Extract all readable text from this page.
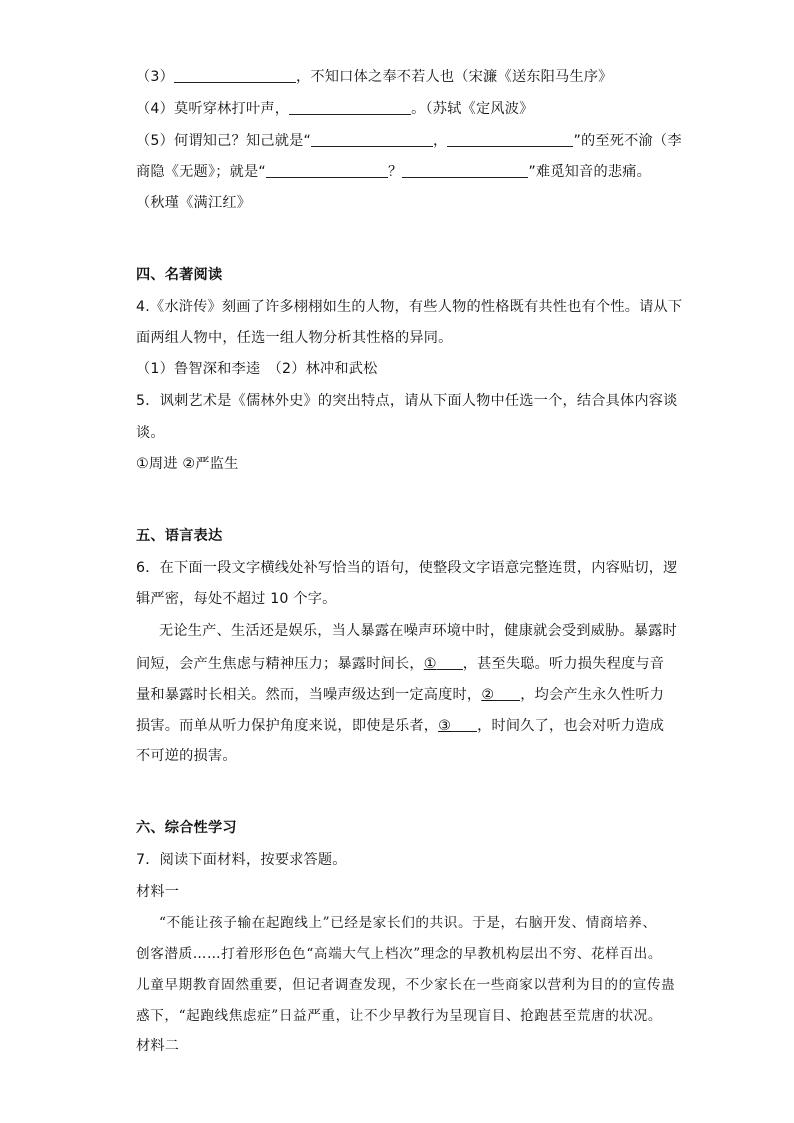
（3）	，不知口体之奉不若人也（宋濂《送东阳马生序》
（4）莫听穿林打叶声，	。（苏轼《定风波》
（5）何谓知己？知己就是“	，	”的至死不渝（李
商隐《无题》；就是“	？	”难觅知音的悲痛。
（秋瑾《满江红》
四、名著阅读
4.《水浒传》刻画了许多栩栩如生的人物，有些人物的性格既有共性也有个性。请从下
面两组人物中，任选一组人物分析其性格的异同。
（1）鲁智深和李逵　（2）林冲和武松
5．讽刺艺术是《儒林外史》的突出特点，请从下面人物中任选一个，结合具体内容谈
谈。
①周进 ②严监生
五、语言表达
6．在下面一段文字横线处补写恰当的语句，使整段文字语意完整连贯，内容贴切，逻
辑严密，每处不超过 10 个字。
无论生产、生活还是娱乐，当人暴露在噪声环境中时，健康就会受到威胁。暴露时
间短，会产生焦虑与精神压力；暴露时间长，① ，甚至失聪。听力损失程度与音
量和暴露时长相关。然而，当噪声级达到一定高度时，② ，均会产生永久性听力
损害。而单从听力保护角度来说，即使是乐者，③ ，时间久了，也会对听力造成
不可逆的损害。
六、综合性学习
7．阅读下面材料，按要求答题。
材料一
“不能让孩子输在起跑线上”已经是家长们的共识。于是，右脑开发、情商培养、
创客潜质……打着形形色色“高端大气上档次”理念的早教机构层出不穷、花样百出。
儿童早期教育固然重要，但记者调查发现，不少家长在一些商家以营利为目的的宣传蛊
惑下，“起跑线焦虑症”日益严重，让不少早教行为呈现盲目、抢跑甚至荒唐的状况。
材料二
